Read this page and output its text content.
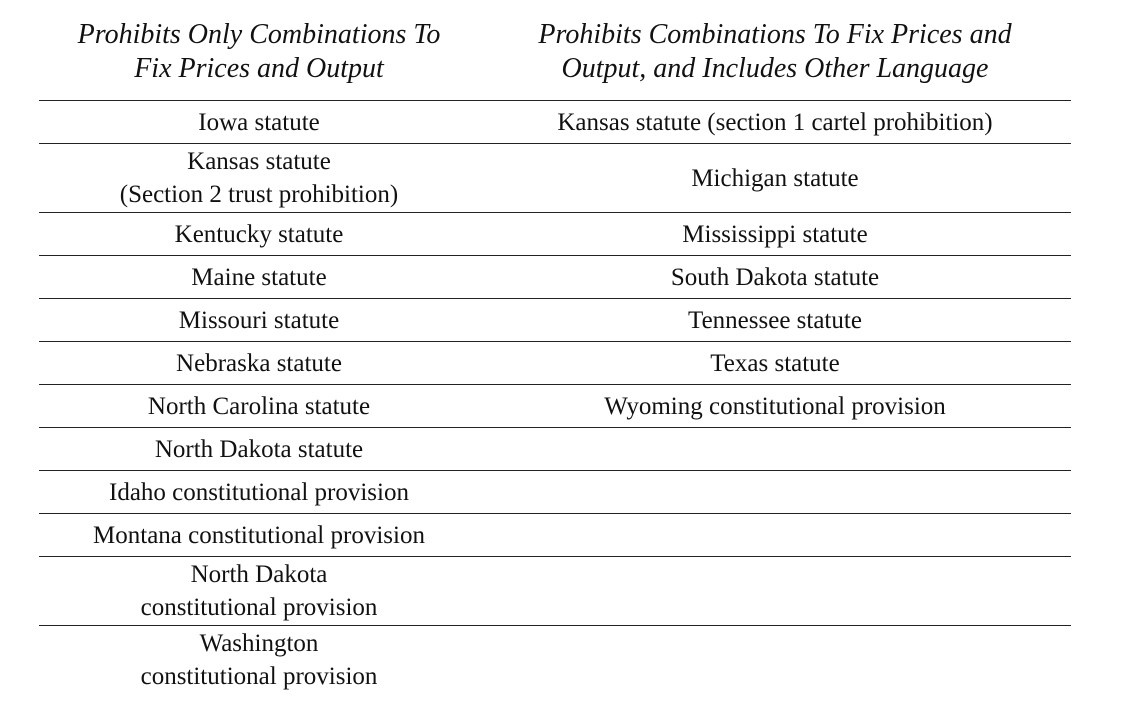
Prohibits Only Combinations To
Fix Prices and Output	Prohibits Combinations To Fix Prices and
Output, and Includes Other Language

Iowa statute	Kansas statute (section 1 cartel prohibition)
Kansas statute
(Section 2 trust prohibition)	Michigan statute
Kentucky statute	Mississippi statute
Maine statute	South Dakota statute
Missouri statute	Tennessee statute
Nebraska statute	Texas statute
North Carolina statute	Wyoming constitutional provision
North Dakota statute	
Idaho constitutional provision	
Montana constitutional provision	
North Dakota
constitutional provision	
Washington
constitutional provision	
